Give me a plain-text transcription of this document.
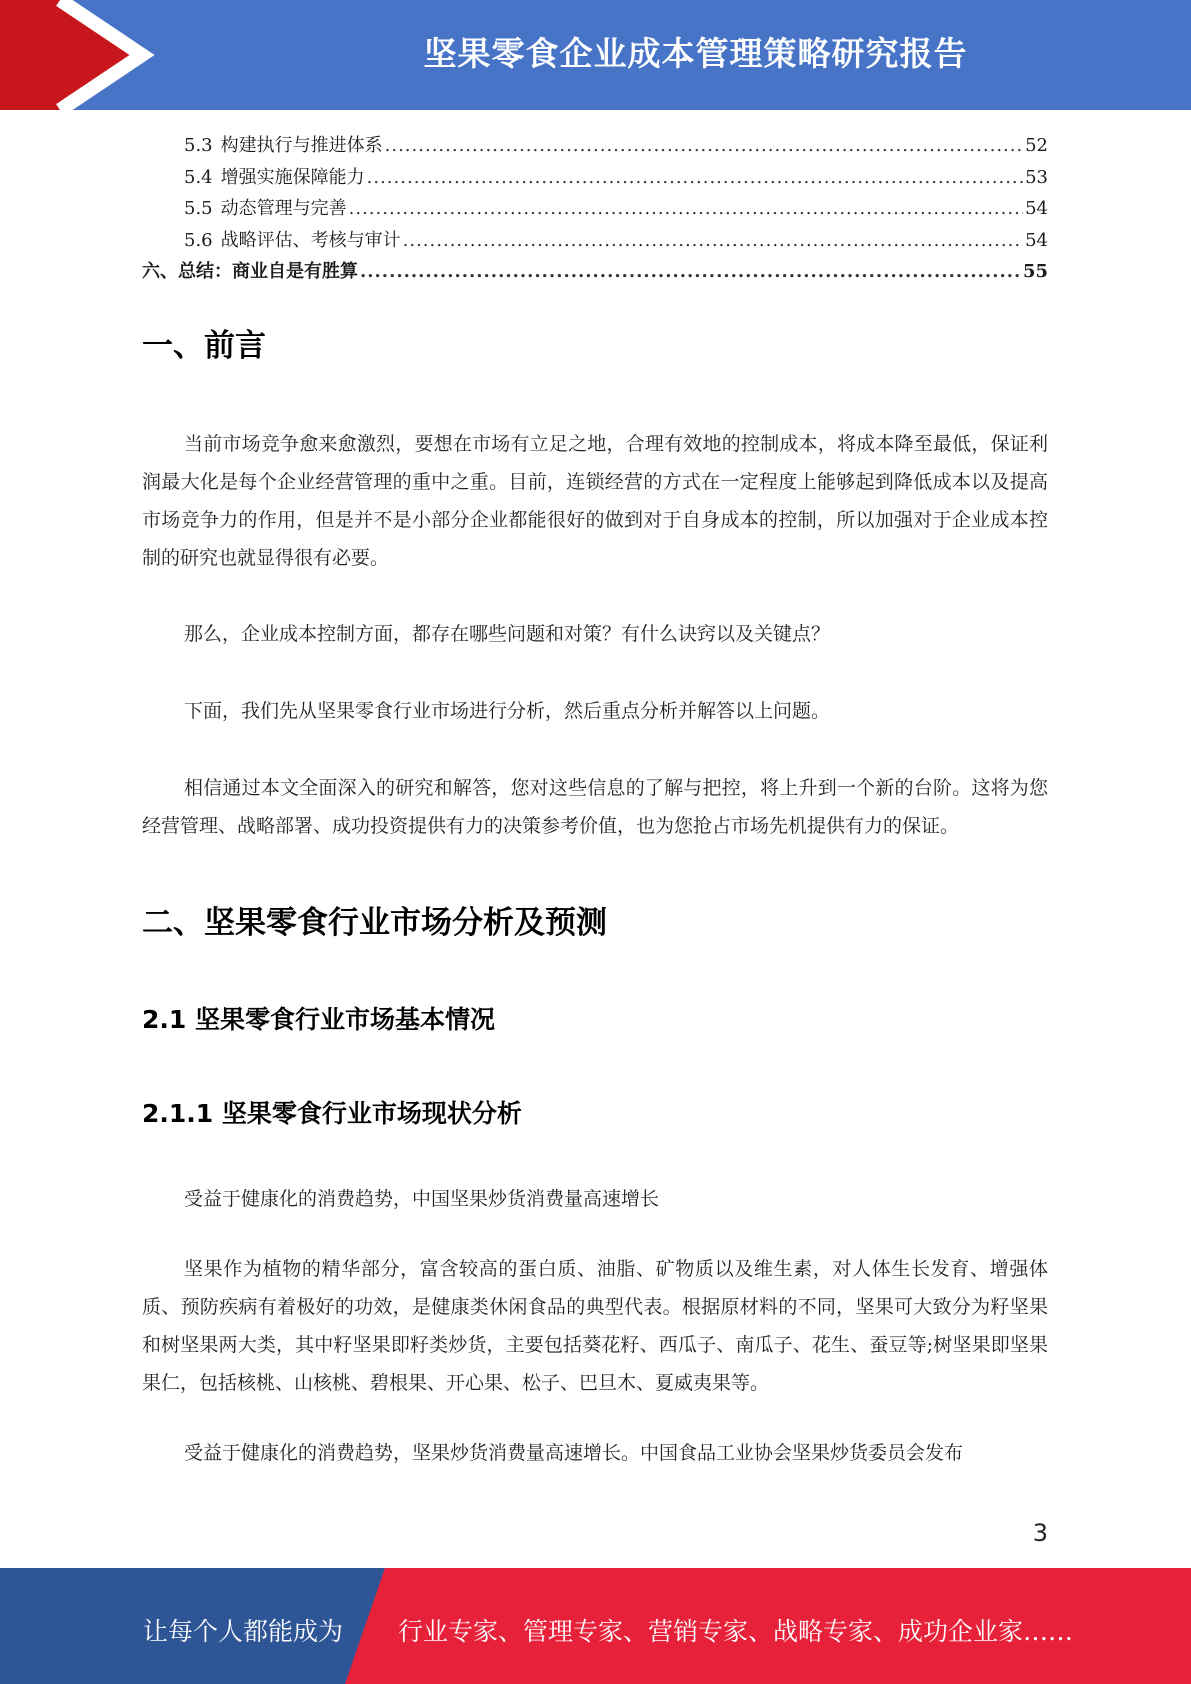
坚果零食企业成本管理策略研究报告
5.3 构建执行与推进体系 .....	52
5.4 增强实施保障能力 .....	53
5.5 动态管理与完善 .....	54
5.6 战略评估、考核与审计 .....	54
六、总结：商业自是有胜算 .....	55
一、前言

当前市场竞争愈来愈激烈，要想在市场有立足之地，合理有效地的控制成本，将成本降至最低，保证利润最大化是每个企业经营管理的重中之重。目前，连锁经营的方式在一定程度上能够起到降低成本以及提高市场竞争力的作用，但是并不是小部分企业都能很好的做到对于自身成本的控制，所以加强对于企业成本控制的研究也就显得很有必要。

那么，企业成本控制方面，都存在哪些问题和对策？有什么诀窍以及关键点？

下面，我们先从坚果零食行业市场进行分析，然后重点分析并解答以上问题。

相信通过本文全面深入的研究和解答，您对这些信息的了解与把控，将上升到一个新的台阶。这将为您经营管理、战略部署、成功投资提供有力的决策参考价值，也为您抢占市场先机提供有力的保证。

二、坚果零食行业市场分析及预测
2.1 坚果零食行业市场基本情况
2.1.1 坚果零食行业市场现状分析

受益于健康化的消费趋势，中国坚果炒货消费量高速增长

坚果作为植物的精华部分，富含较高的蛋白质、油脂、矿物质以及维生素，对人体生长发育、增强体质、预防疾病有着极好的功效，是健康类休闲食品的典型代表。根据原材料的不同，坚果可大致分为籽坚果和树坚果两大类，其中籽坚果即籽类炒货，主要包括葵花籽、西瓜子、南瓜子、花生、蚕豆等;树坚果即坚果果仁，包括核桃、山核桃、碧根果、开心果、松子、巴旦木、夏威夷果等。

受益于健康化的消费趋势，坚果炒货消费量高速增长。中国食品工业协会坚果炒货委员会发布

3
让每个人都能成为 行业专家、管理专家、营销专家、战略专家、成功企业家……
